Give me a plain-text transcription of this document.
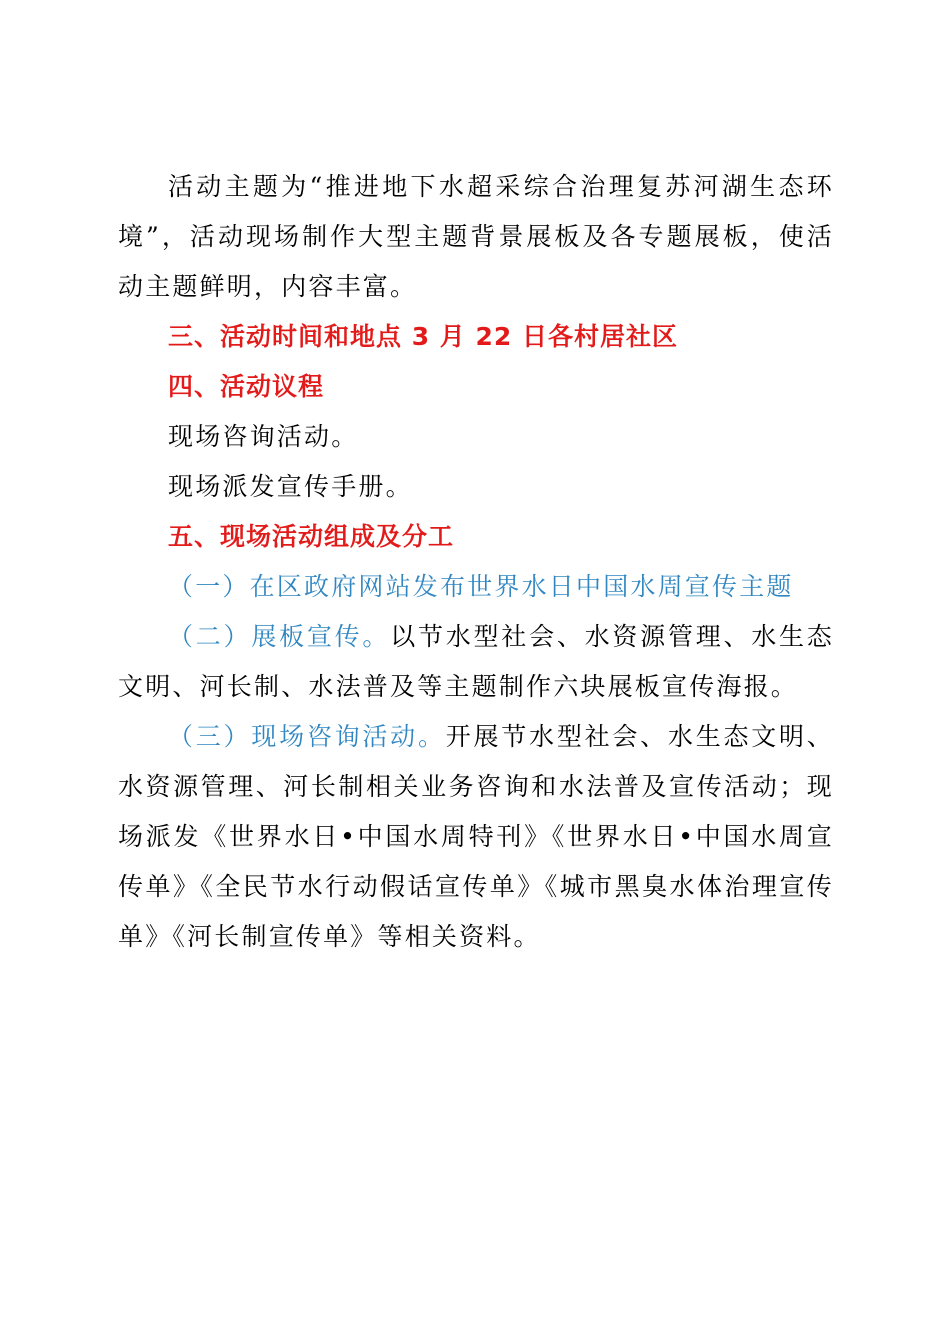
活动主题为“推进地下水超采综合治理复苏河湖生态环境”，活动现场制作大型主题背景展板及各专题展板，使活动主题鲜明，内容丰富。

三、活动时间和地点 3 月 22 日各村居社区

四、活动议程

现场咨询活动。

现场派发宣传手册。

五、现场活动组成及分工

（一）在区政府网站发布世界水日中国水周宣传主题

（二）展板宣传。以节水型社会、水资源管理、水生态文明、河长制、水法普及等主题制作六块展板宣传海报。

（三）现场咨询活动。开展节水型社会、水生态文明、水资源管理、河长制相关业务咨询和水法普及宣传活动；现场派发《世界水日•中国水周特刊》《世界水日•中国水周宣传单》《全民节水行动假话宣传单》《城市黑臭水体治理宣传单》《河长制宣传单》等相关资料。
